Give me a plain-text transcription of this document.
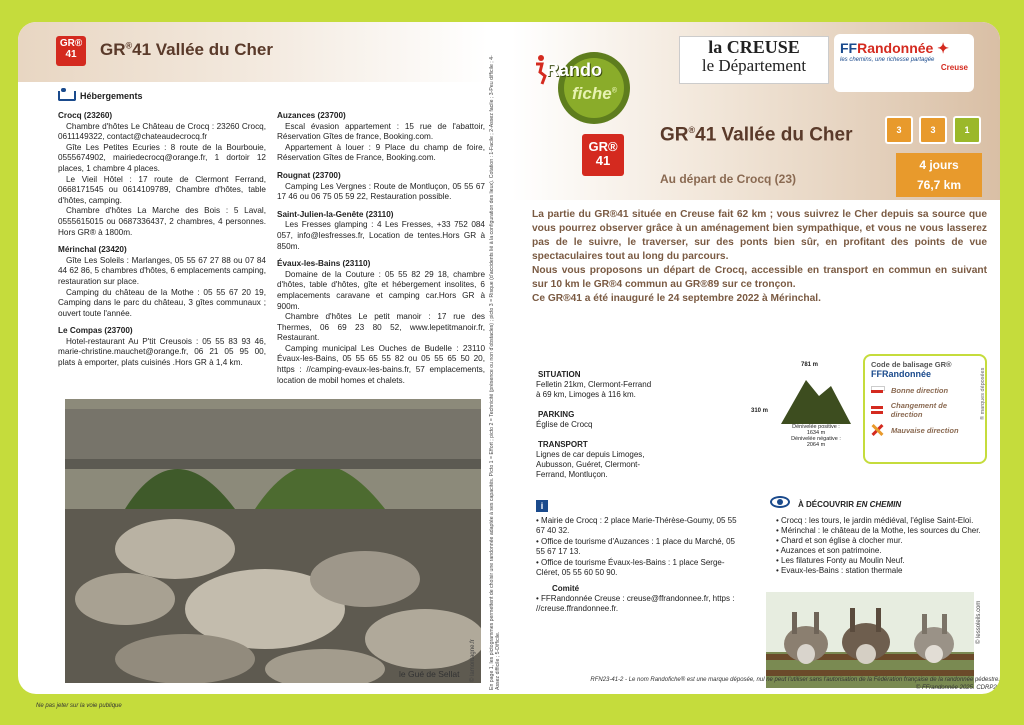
GR®
41	GR®41 Vallée du Cher
Hébergements
Crocq (23260)
Chambre d'hôtes Le Château de Crocq : 23260 Crocq, 0611149322, contact@chateaudecrocq.fr
Gîte Les Petites Ecuries : 8 route de la Bourbouie, 0555674902, mairiedecrocq@orange.fr, 1 dortoir 12 places, 1 chambre 4 places.
Le Vieil Hôtel : 17 route de Clermont Ferrand, 0668171545 ou 0614109789, Chambre d'hôtes, table d'hôtes, camping.
Chambre d'hôtes La Marche des Bois : 5 Laval, 0555615015 ou 0687336437, 2 chambres, 4 personnes. Hors GR® à 1800m.
Mérinchal (23420)
Gîte Les Soleils : Marlanges, 05 55 67 27 88 ou 07 84 44 62 86, 5 chambres d'hôtes, 6 emplacements camping, restauration sur place.
Camping du château de la Mothe : 05 55 67 20 19, Camping dans le parc du château, 3 gîtes communaux ; ouvert toute l'année.
Le Compas (23700)
Hotel-restaurant Au P'tit Creusois : 05 55 83 93 46, marie-christine.mauchet@orange.fr, 06 21 05 95 00, plats à emporter, plats cuisinés .Hors GR à 1,4 km.
Auzances (23700)
Escal évasion appartement : 15 rue de l'abattoir, Réservation Gîtes de france, Booking.com.
Appartement à louer : 9 Place du champ de foire, Réservation Gîtes de France, Booking.com.
Rougnat (23700)
Camping Les Vergnes : Route de Montluçon, 05 55 67 17 46 ou 06 75 05 59 22, Restauration possible.
Saint-Julien-la-Genête (23110)
Les Fresses glamping : 4 Les Fresses, +33 752 084 057, info@lesfresses.fr, Location de tentes.Hors GR à 850m.
Évaux-les-Bains (23110)
Domaine de la Couture : 05 55 82 29 18, chambre d'hôtes, table d'hôtes, gîte et hébergement insolites, 6 emplacements caravane et camping car.Hors GR à 900m.
Chambre d'hôtes Le petit manoir : 17 rue des Thermes, 06 69 23 80 52, www.lepetitmanoir.fr, Restaurant.
Camping municipal Les Ouches de Budelle : 23110 Évaux-les-Bains, 05 55 65 55 82 ou 05 55 65 50 20, https : //camping-evaux-les-bains.fr, 57 emplacements, location de mobil homes et chalets.
le Gué de Sellat © lamontagne.fr	En page 1, les pictogrammes permettent de choisir une randonnée adaptée à ses capacités. Picto 1 = Effort ; picto 2 = Technicité (présence ou non d'obstacles) ; picto 3 = Risque (d'accidents lié à la configuration des lieux). Cotation : 1-Facile ; 2-Assez facile ; 3-Peu difficile ; 4-Assez difficile ; 5-Difficile.
Rando
fiche®
la CREUSE
le Département
FFRandonnée ✦
les chemins, une richesse partagée
Creuse
GR®
41
GR®41 Vallée du Cher
Au départ de Crocq (23)
3	3	1
4 jours
76,7 km

La partie du GR®41 située en Creuse fait 62 km ; vous suivrez le Cher depuis sa source que vous pourrez observer grâce à un aménagement bien sympathique, et vous ne vous lasserez pas de le suivre, le traverser, sur des ponts bien sûr, en profitant des points de vue spectaculaires tout au long du parcours.

Nous vous proposons un départ de Crocq, accessible en transport en commun en suivant sur 10 km le GR®4 commun au GR®89 sur ce tronçon.

Ce GR®41 a été inauguré le 24 septembre 2022 à Mérinchal.

SITUATION
Felletin 21km, Clermont-Ferrand à 69 km, Limoges à 116 km.
PARKING
Église de Crocq
TRANSPORT
Lignes de car depuis Limoges, Aubusson, Guéret, Clermont-Ferrand, Montluçon.
781 m
310 m
Dénivelée positive :
1634 m
Dénivelée négative :
2064 m
Code de balisage GR®
FFRandonnée
Bonne direction
Changement de direction
Mauvaise direction
® marques déposées
i
• Mairie de Crocq : 2 place Marie-Thérèse-Goumy, 05 55 67 40 32.
• Office de tourisme d'Auzances : 1 place du Marché, 05 55 67 17 13.
• Office de tourisme Évaux-les-Bains : 1 place Serge-Cléret, 05 55 60 50 90.
Comité
• FFRandonnée Creuse : creuse@ffrandonnee.fr, https : //creuse.ffrandonnee.fr.
À DÉCOUVRIR EN CHEMIN
• Crocq : les tours, le jardin médiéval, l'église Saint-Eloi.
• Mérinchal : le château de la Mothe, les sources du Cher.
• Chard et son église à clocher mur.
• Auzances et son patrimoine.
• Les filatures Fonty au Moulin Neuf.
• Evaux-les-Bains : station thermale
© lessoleils.com
RFN23-41-2 - Le nom Randofiche® est une marque déposée, nul ne peut l'utiliser sans l'autorisation de la Fédération française de la randonnée pédestre.
© FFrandonnée 2025. CDRP23
Ne pas jeter sur la voie publique
